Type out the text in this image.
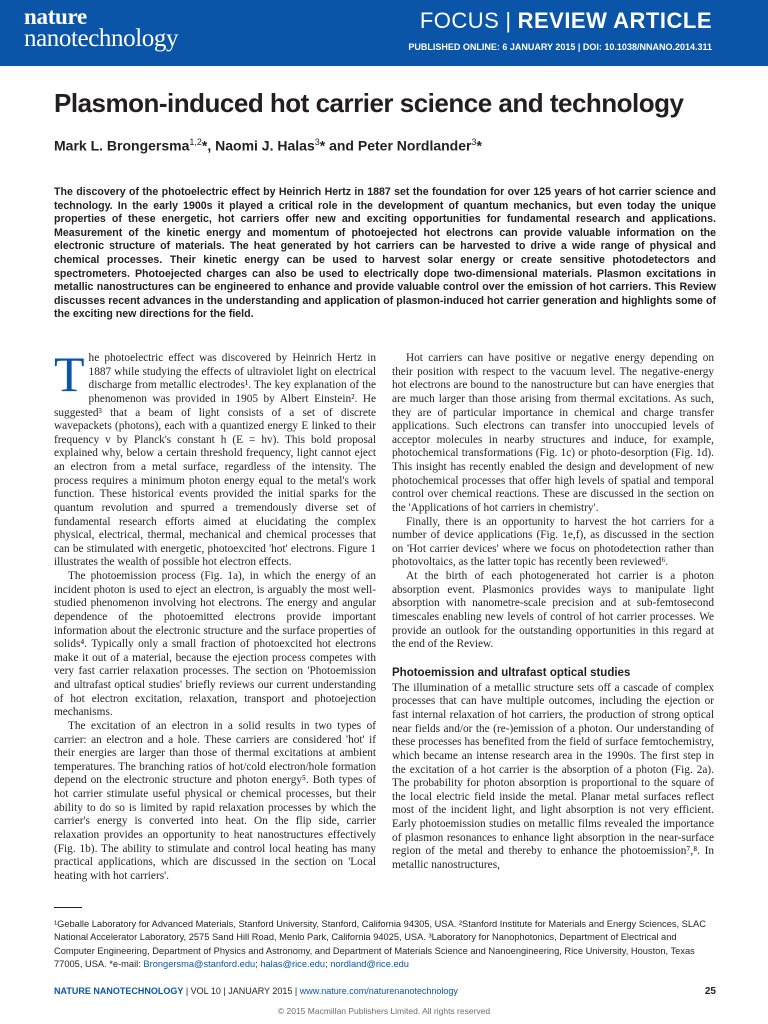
nature
nanotechnology
FOCUS | REVIEW ARTICLE
PUBLISHED ONLINE: 6 JANUARY 2015 | DOI: 10.1038/NNANO.2014.311
Plasmon-induced hot carrier science and technology
Mark L. Brongersma$^{1,2}$*, Naomi J. Halas$^3$* and Peter Nordlander$^3$*
The discovery of the photoelectric effect by Heinrich Hertz in 1887 set the foundation for over 125 years of hot carrier science and technology. In the early 1900s it played a critical role in the development of quantum mechanics, but even today the unique properties of these energetic, hot carriers offer new and exciting opportunities for fundamental research and applications. Measurement of the kinetic energy and momentum of photoejected hot electrons can provide valuable information on the electronic structure of materials. The heat generated by hot carriers can be harvested to drive a wide range of physical and chemical processes. Their kinetic energy can be used to harvest solar energy or create sensitive photodetectors and spectrometers. Photoejected charges can also be used to electrically dope two-dimensional materials. Plasmon excitations in metallic nanostructures can be engineered to enhance and provide valuable control over the emission of hot carriers. This Review discusses recent advances in the understanding and application of plasmon-induced hot carrier generation and highlights some of the exciting new directions for the field.

The photoelectric effect was discovered by Heinrich Hertz in 1887 while studying the effects of ultraviolet light on electrical discharge from metallic electrodes¹. The key explanation of the phenomenon was provided in 1905 by Albert Einstein². He suggested³ that a beam of light consists of a set of discrete wavepackets (photons), each with a quantized energy E linked to their frequency v by Planck's constant h (E = hv). This bold proposal explained why, below a certain threshold frequency, light cannot eject an electron from a metal surface, regardless of the intensity. The process requires a minimum photon energy equal to the metal's work function. These historical events provided the initial sparks for the quantum revolution and spurred a tremendously diverse set of fundamental research efforts aimed at elucidating the complex physical, electrical, thermal, mechanical and chemical processes that can be stimulated with energetic, photoexcited 'hot' electrons. Figure 1 illustrates the wealth of possible hot electron effects.

The photoemission process (Fig. 1a), in which the energy of an incident photon is used to eject an electron, is arguably the most well-studied phenomenon involving hot electrons. The energy and angular dependence of the photoemitted electrons provide important information about the electronic structure and the surface properties of solids⁴. Typically only a small fraction of photoexcited hot electrons make it out of a material, because the ejection process competes with very fast carrier relaxation processes. The section on 'Photoemission and ultrafast optical studies' briefly reviews our current understanding of hot electron excitation, relaxation, transport and photoejection mechanisms.

The excitation of an electron in a solid results in two types of carrier: an electron and a hole. These carriers are considered 'hot' if their energies are larger than those of thermal excitations at ambient temperatures. The branching ratios of hot/cold electron/hole formation depend on the electronic structure and photon energy⁵. Both types of hot carrier stimulate useful physical or chemical processes, but their ability to do so is limited by rapid relaxation processes by which the carrier's energy is converted into heat. On the flip side, carrier relaxation provides an opportunity to heat nanostructures effectively (Fig. 1b). The ability to stimulate and control local heating has many practical applications, which are discussed in the section on 'Local heating with hot carriers'.

Hot carriers can have positive or negative energy depending on their position with respect to the vacuum level. The negative-energy hot electrons are bound to the nanostructure but can have energies that are much larger than those arising from thermal excitations. As such, they are of particular importance in chemical and charge transfer applications. Such electrons can transfer into unoccupied levels of acceptor molecules in nearby structures and induce, for example, photochemical transformations (Fig. 1c) or photo-desorption (Fig. 1d). This insight has recently enabled the design and development of new photochemical processes that offer high levels of spatial and temporal control over chemical reactions. These are discussed in the section on the 'Applications of hot carriers in chemistry'.

Finally, there is an opportunity to harvest the hot carriers for a number of device applications (Fig. 1e,f), as discussed in the section on 'Hot carrier devices' where we focus on photodetection rather than photovoltaics, as the latter topic has recently been reviewed⁶.

At the birth of each photogenerated hot carrier is a photon absorption event. Plasmonics provides ways to manipulate light absorption with nanometre-scale precision and at sub-femtosecond timescales enabling new levels of control of hot carrier processes. We provide an outlook for the outstanding opportunities in this regard at the end of the Review.

Photoemission and ultrafast optical studies

The illumination of a metallic structure sets off a cascade of complex processes that can have multiple outcomes, including the ejection or fast internal relaxation of hot carriers, the production of strong optical near fields and/or the (re-)emission of a photon. Our understanding of these processes has benefited from the field of surface femtochemistry, which became an intense research area in the 1990s. The first step in the excitation of a hot carrier is the absorption of a photon (Fig. 2a). The probability for photon absorption is proportional to the square of the local electric field inside the metal. Planar metal surfaces reflect most of the incident light, and light absorption is not very efficient. Early photoemission studies on metallic films revealed the importance of plasmon resonances to enhance light absorption in the near-surface region of the metal and thereby to enhance the photoemission⁷,⁸. In metallic nanostructures,

¹Geballe Laboratory for Advanced Materials, Stanford University, Stanford, California 94305, USA. ²Stanford Institute for Materials and Energy Sciences, SLAC National Accelerator Laboratory, 2575 Sand Hill Road, Menlo Park, California 94025, USA. ³Laboratory for Nanophotonics, Department of Electrical and Computer Engineering, Department of Physics and Astronomy, and Department of Materials Science and Nanoengineering, Rice University, Houston, Texas 77005, USA. *e-mail: Brongersma@stanford.edu; halas@rice.edu; nordland@rice.edu
NATURE NANOTECHNOLOGY | VOL 10 | JANUARY 2015 | www.nature.com/naturenanotechnology	25
© 2015 Macmillan Publishers Limited. All rights reserved
